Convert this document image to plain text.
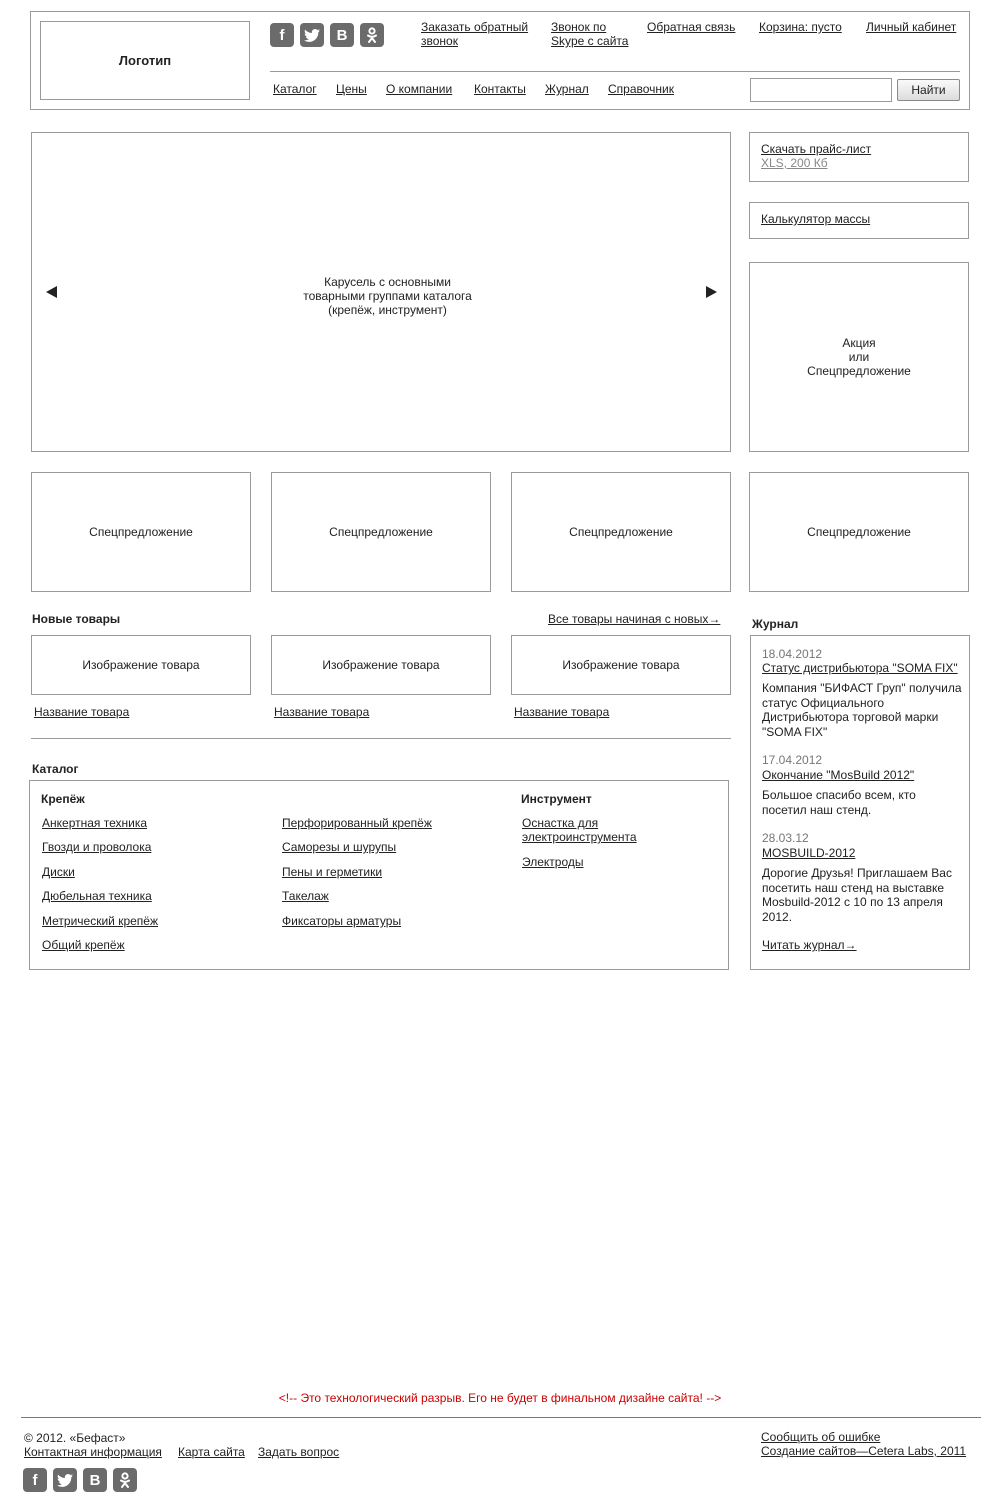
Логотип
f	B	Заказать обратный звонок
Звонок по Skype с сайта
Обратная связь Корзина: пусто Личный кабинет
Каталог Цены О компании Контакты Журнал Справочник	Найти
Карусель с основными товарными группами каталога (крепёж, инструмент)
Скачать прайс-лист
XLS, 200 Кб
Калькулятор массы
Акция
или
Спецпредложение
Спецпредложение	Спецпредложение	Спецпредложение	Спецпредложение
Новые товары	Все товары начиная с новых→
Изображение товара	Изображение товара	Изображение товара
Название товара	Название товара	Название товара
Каталог
Крепёж
Анкертная техника
Гвозди и проволока
Диски
Дюбельная техника
Метрический крепёж
Общий крепёж
Перфорированный крепёж
Саморезы и шурупы
Пены и герметики
Такелаж
Фиксаторы арматуры
Инструмент
Оснастка для электроинструмента
Электроды
Журнал
18.04.2012
Статус дистрибьютора "SOMA FIX"
Компания "БИФАСТ Груп" получила статус Официального Дистрибьютора торговой марки "SOMA FIX"
17.04.2012
Окончание "MosBuild 2012"
Большое спасибо всем, кто посетил наш стенд.
28.03.12
MOSBUILD-2012
Дорогие Друзья! Приглашаем Вас посетить наш стенд на выставке Mosbuild-2012 с 10 по 13 апреля 2012.
Читать журнал→
<!-- Это технологический разрыв. Его не будет в финальном дизайне сайта! -->
© 2012. «Бефаст»
Контактная информация Карта сайта Задать вопрос
Сообщить об ошибке
Создание сайтов—Cetera Labs, 2011
f	B
